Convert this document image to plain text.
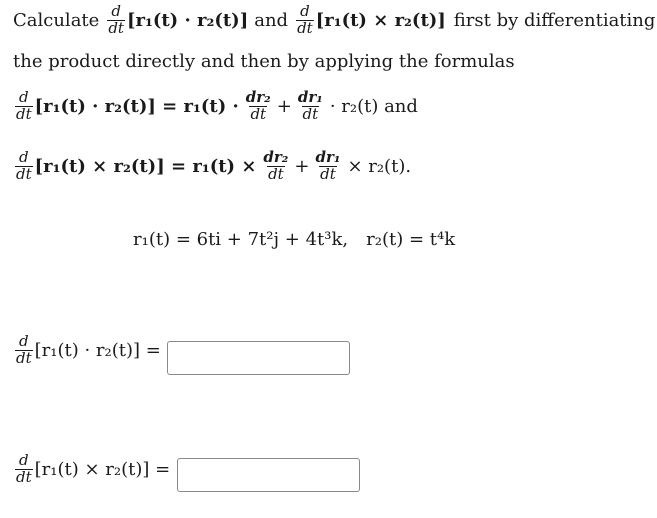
Calculate $\frac{d}{dt} [r_1(t) \cdot r_2(t)]$ and $\frac{d}{dt} [r_1(t) \times r_2(t)]$ first by differentiating
the product directly and then by applying the formulas
$\frac{d}{dt} [r_1(t) \cdot r_2(t)] = r_1(t) \cdot \frac{\text{dr₂}}{dt} + \frac{\text{dr₁}}{dt} \cdot r_2(t)$ and
$\frac{d}{dt} [r_1(t) \times r_2(t)] = r_1(t) \times \frac{\text{dr₂}}{dt} + \frac{\text{dr₁}}{dt} \times r_2(t)$.
r₁(t) = 6ti + 7t²j + 4t³k, r₂(t) = t⁴k
$\frac{d}{dt} [r_1(t) \cdot r_2(t)]$ =
$\frac{d}{dt} [r_1(t) \times r_2(t)]$ =
